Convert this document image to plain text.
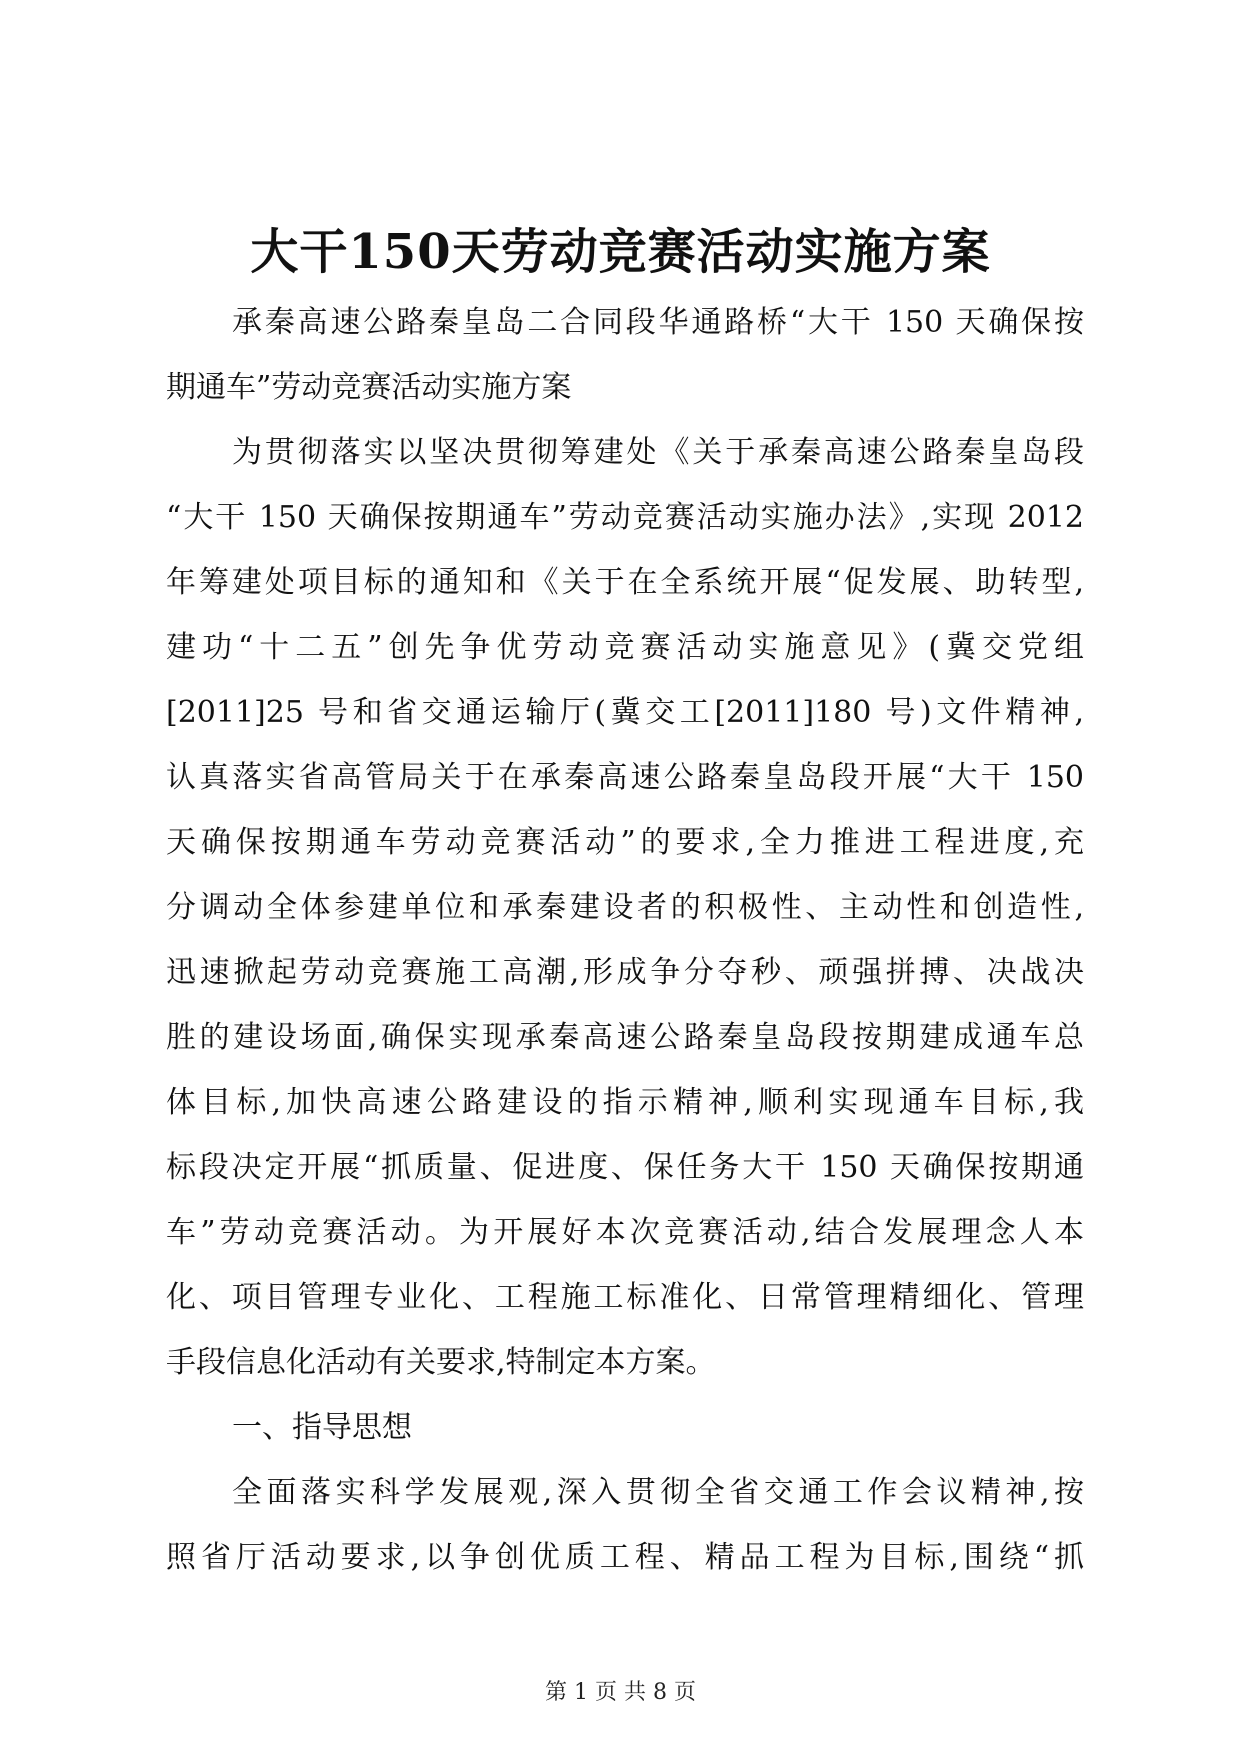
大干150天劳动竞赛活动实施方案
承秦高速公路秦皇岛二合同段华通路桥“大干 150 天确保按
期通车”劳动竞赛活动实施方案
为贯彻落实以坚决贯彻筹建处《关于承秦高速公路秦皇岛段
“大干 150 天确保按期通车”劳动竞赛活动实施办法》,实现 2012
年筹建处项目标的通知和《关于在全系统开展“促发展、助转型,
建功“十二五”创先争优劳动竞赛活动实施意见》(冀交党组
[2011]25 号和省交通运输厅(冀交工[2011]180 号)文件精神,
认真落实省高管局关于在承秦高速公路秦皇岛段开展“大干 150
天确保按期通车劳动竞赛活动”的要求,全力推进工程进度,充
分调动全体参建单位和承秦建设者的积极性、主动性和创造性,
迅速掀起劳动竞赛施工高潮,形成争分夺秒、顽强拼搏、决战决
胜的建设场面,确保实现承秦高速公路秦皇岛段按期建成通车总
体目标,加快高速公路建设的指示精神,顺利实现通车目标,我
标段决定开展“抓质量、促进度、保任务大干 150 天确保按期通
车”劳动竞赛活动。为开展好本次竞赛活动,结合发展理念人本
化、项目管理专业化、工程施工标准化、日常管理精细化、管理
手段信息化活动有关要求,特制定本方案。
一、指导思想
全面落实科学发展观,深入贯彻全省交通工作会议精神,按
照省厅活动要求,以争创优质工程、精品工程为目标,围绕“抓
第 1 页 共 8 页
